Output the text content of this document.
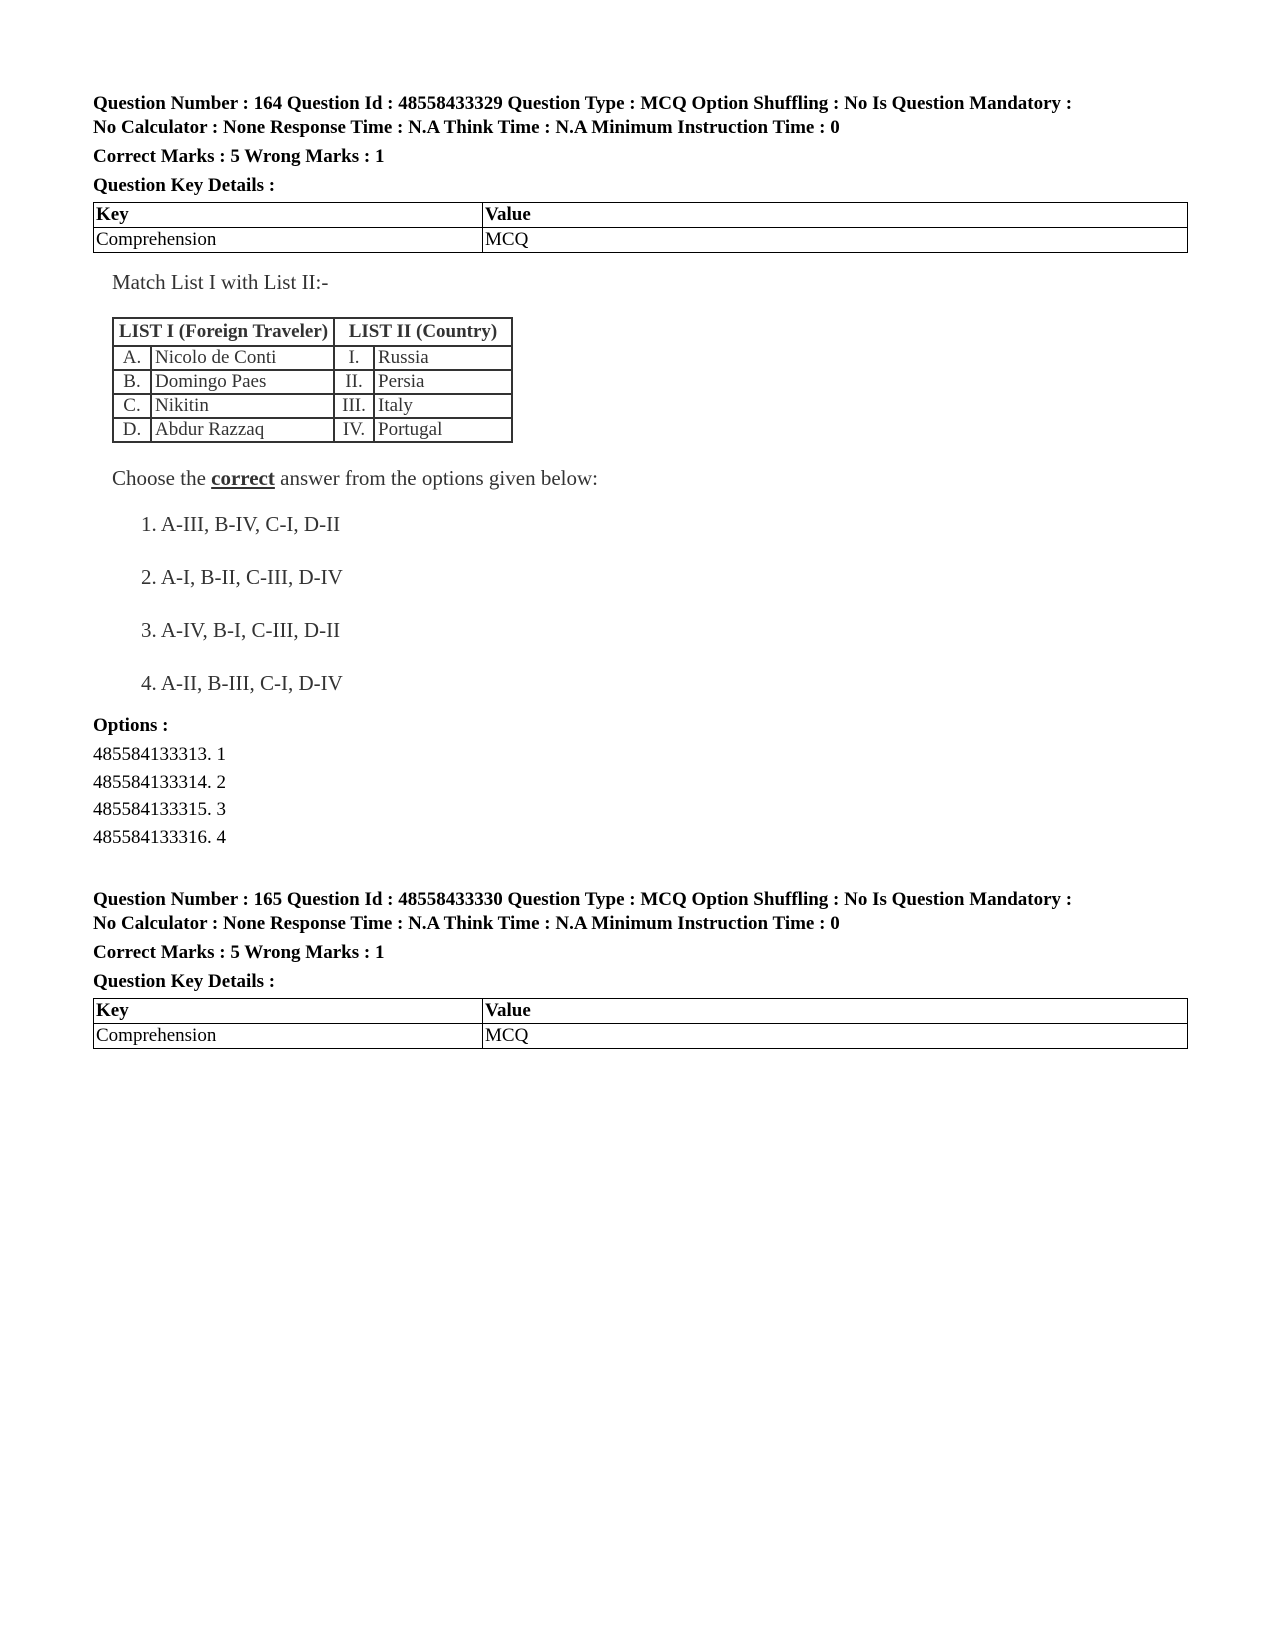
Question Number : 164 Question Id : 48558433329 Question Type : MCQ Option Shuffling : No Is Question Mandatory :
No Calculator : None Response Time : N.A Think Time : N.A Minimum Instruction Time : 0
Correct Marks : 5 Wrong Marks : 1
Question Key Details :
Key	Value
Comprehension	MCQ

Match List I with List II:-

LIST I (Foreign Traveler)		LIST II (Country)	
A.	Nicolo de Conti	I.	Russia
B.	Domingo Paes	II.	Persia
C.	Nikitin	III.	Italy
D.	Abdur Razzaq	IV.	Portugal

Choose the correct answer from the options given below:

1. A-III, B-IV, C-I, D-II
2. A-I, B-II, C-III, D-IV
3. A-IV, B-I, C-III, D-II
4. A-II, B-III, C-I, D-IV
Options :
485584133313. 1
485584133314. 2
485584133315. 3
485584133316. 4
Question Number : 165 Question Id : 48558433330 Question Type : MCQ Option Shuffling : No Is Question Mandatory :
No Calculator : None Response Time : N.A Think Time : N.A Minimum Instruction Time : 0
Correct Marks : 5 Wrong Marks : 1
Question Key Details :
Key	Value
Comprehension	MCQ
